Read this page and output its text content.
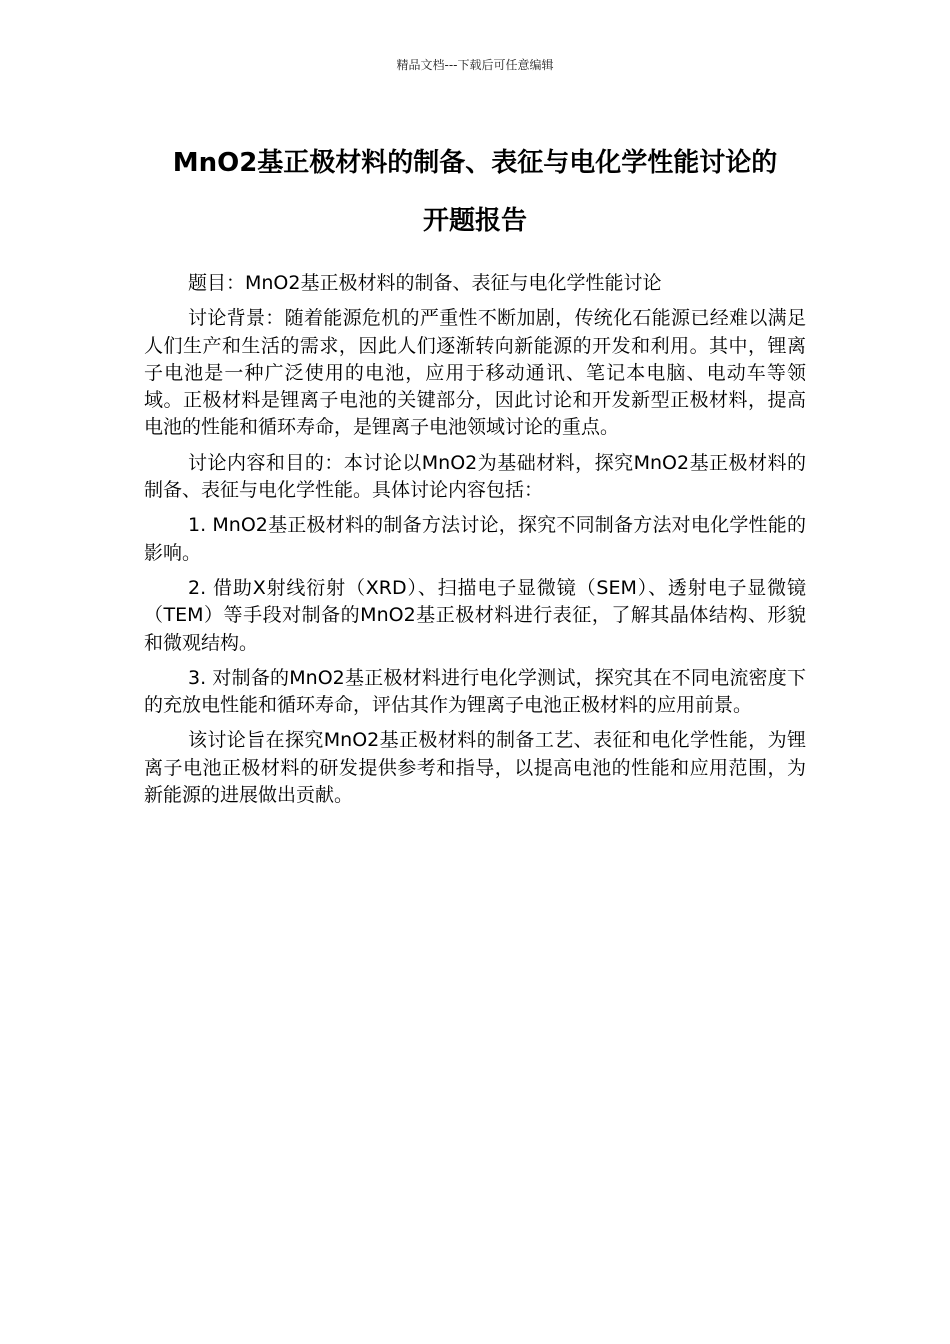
精品文档---下载后可任意编辑
MnO2基正极材料的制备、表征与电化学性能讨论的
开题报告

题目：MnO2基正极材料的制备、表征与电化学性能讨论

讨论背景：随着能源危机的严重性不断加剧，传统化石能源已经难以满足人们生产和生活的需求，因此人们逐渐转向新能源的开发和利用。其中，锂离子电池是一种广泛使用的电池，应用于移动通讯、笔记本电脑、电动车等领域。正极材料是锂离子电池的关键部分，因此讨论和开发新型正极材料，提高电池的性能和循环寿命，是锂离子电池领域讨论的重点。

讨论内容和目的：本讨论以MnO2为基础材料，探究MnO2基正极材料的制备、表征与电化学性能。具体讨论内容包括：

1. MnO2基正极材料的制备方法讨论，探究不同制备方法对电化学性能的影响。

2. 借助X射线衍射（XRD）、扫描电子显微镜（SEM）、透射电子显微镜（TEM）等手段对制备的MnO2基正极材料进行表征，了解其晶体结构、形貌和微观结构。

3. 对制备的MnO2基正极材料进行电化学测试，探究其在不同电流密度下的充放电性能和循环寿命，评估其作为锂离子电池正极材料的应用前景。

该讨论旨在探究MnO2基正极材料的制备工艺、表征和电化学性能，为锂离子电池正极材料的研发提供参考和指导，以提高电池的性能和应用范围，为新能源的进展做出贡献。
